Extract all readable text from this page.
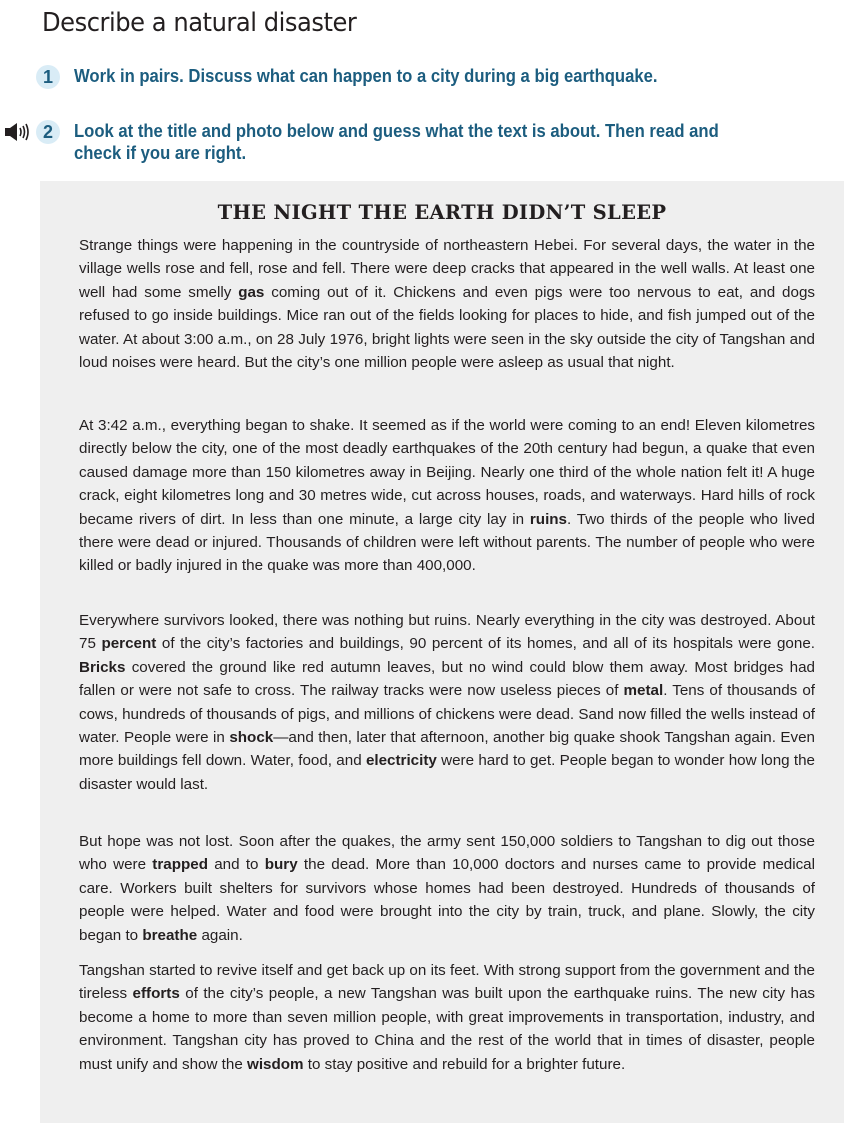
Describe a natural disaster
1	Work in pairs. Discuss what can happen to a city during a big earthquake.
2	Look at the title and photo below and guess what the text is about. Then read and check if you are right.
THE NIGHT THE EARTH DIDN’T SLEEP

Strange things were happening in the countryside of northeastern Hebei. For several days, the water in the village wells rose and fell, rose and fell. There were deep cracks that appeared in the well walls. At least one well had some smelly gas coming out of it. Chickens and even pigs were too nervous to eat, and dogs refused to go inside buildings. Mice ran out of the fields looking for places to hide, and fish jumped out of the water. At about 3:00 a.m., on 28 July 1976, bright lights were seen in the sky outside the city of Tangshan and loud noises were heard. But the city’s one million people were asleep as usual that night.

At 3:42 a.m., everything began to shake. It seemed as if the world were coming to an end! Eleven kilometres directly below the city, one of the most deadly earthquakes of the 20th century had begun, a quake that even caused damage more than 150 kilometres away in Beijing. Nearly one third of the whole nation felt it! A huge crack, eight kilometres long and 30 metres wide, cut across houses, roads, and waterways. Hard hills of rock became rivers of dirt. In less than one minute, a large city lay in ruins. Two thirds of the people who lived there were dead or injured. Thousands of children were left without parents. The number of people who were killed or badly injured in the quake was more than 400,000.

Everywhere survivors looked, there was nothing but ruins. Nearly everything in the city was destroyed. About 75 percent of the city’s factories and buildings, 90 percent of its homes, and all of its hospitals were gone. Bricks covered the ground like red autumn leaves, but no wind could blow them away. Most bridges had fallen or were not safe to cross. The railway tracks were now useless pieces of metal. Tens of thousands of cows, hundreds of thousands of pigs, and millions of chickens were dead. Sand now filled the wells instead of water. People were in shock—and then, later that afternoon, another big quake shook Tangshan again. Even more buildings fell down. Water, food, and electricity were hard to get. People began to wonder how long the disaster would last.

But hope was not lost. Soon after the quakes, the army sent 150,000 soldiers to Tangshan to dig out those who were trapped and to bury the dead. More than 10,000 doctors and nurses came to provide medical care. Workers built shelters for survivors whose homes had been destroyed. Hundreds of thousands of people were helped. Water and food were brought into the city by train, truck, and plane. Slowly, the city began to breathe again.

Tangshan started to revive itself and get back up on its feet. With strong support from the government and the tireless efforts of the city’s people, a new Tangshan was built upon the earthquake ruins. The new city has become a home to more than seven million people, with great improvements in transportation, industry, and environment. Tangshan city has proved to China and the rest of the world that in times of disaster, people must unify and show the wisdom to stay positive and rebuild for a brighter future.
